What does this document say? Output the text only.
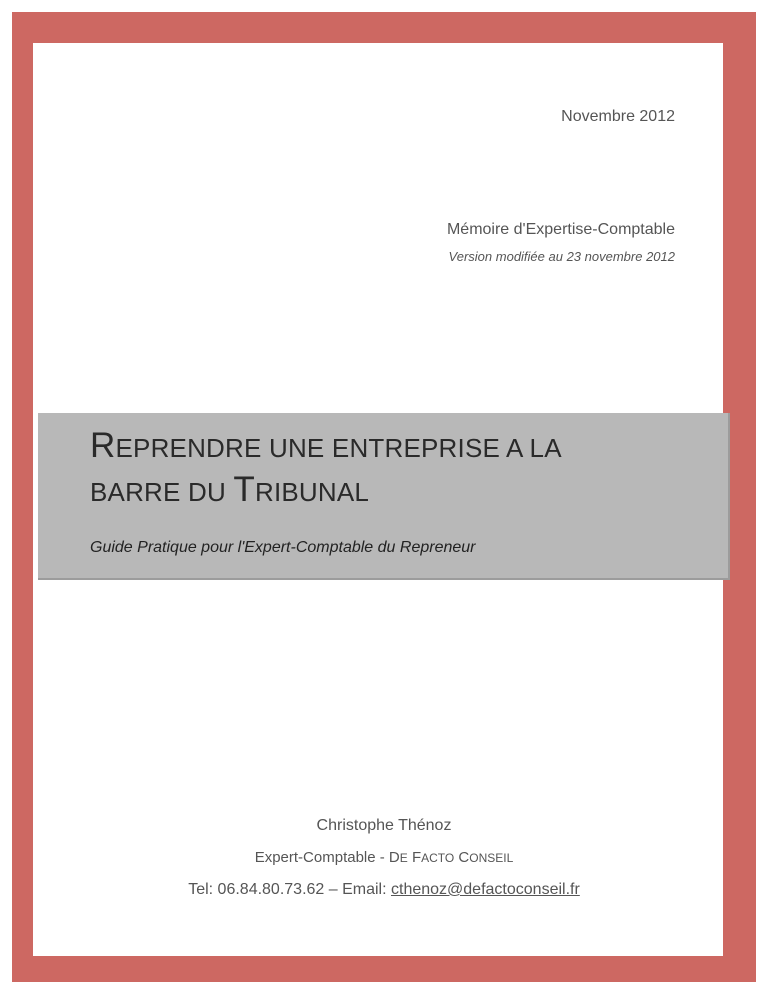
Novembre 2012
Mémoire d'Expertise-Comptable
Version modifiée au 23 novembre 2012
REPRENDRE UNE ENTREPRISE A LA
BARRE DU TRIBUNAL
Guide Pratique pour l'Expert-Comptable du Repreneur
Christophe Thénoz
Expert-Comptable - DE FACTO CONSEIL
Tel: 06.84.80.73.62 – Email: cthenoz@defactoconseil.fr
